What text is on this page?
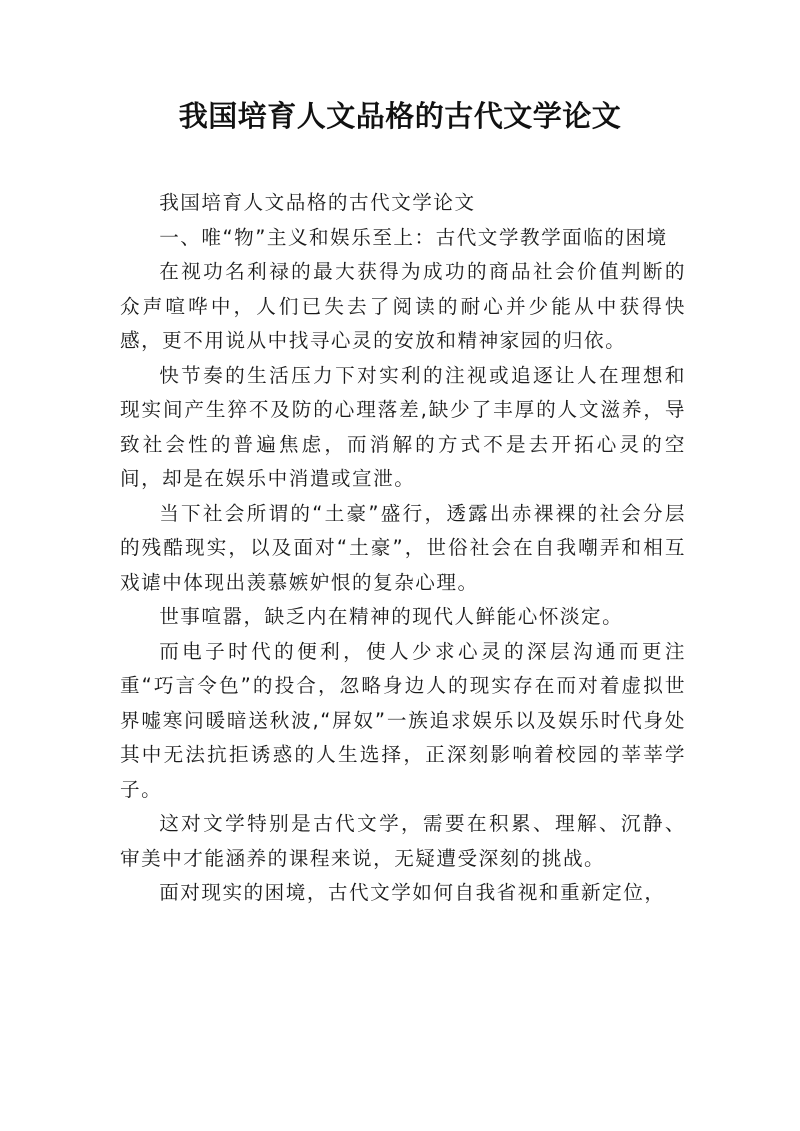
我国培育人文品格的古代文学论文

我国培育人文品格的古代文学论文

一、唯“物”主义和娱乐至上：古代文学教学面临的困境

在视功名利禄的最大获得为成功的商品社会价值判断的众声喧哗中，人们已失去了阅读的耐心并少能从中获得快感，更不用说从中找寻心灵的安放和精神家园的归依。

快节奏的生活压力下对实利的注视或追逐让人在理想和现实间产生猝不及防的心理落差,缺少了丰厚的人文滋养，导致社会性的普遍焦虑，而消解的方式不是去开拓心灵的空间，却是在娱乐中消遣或宣泄。

当下社会所谓的“土豪”盛行，透露出赤裸裸的社会分层的残酷现实，以及面对“土豪”，世俗社会在自我嘲弄和相互戏谑中体现出羡慕嫉妒恨的复杂心理。

世事喧嚣，缺乏内在精神的现代人鲜能心怀淡定。

而电子时代的便利，使人少求心灵的深层沟通而更注重“巧言令色”的投合，忽略身边人的现实存在而对着虚拟世界嘘寒问暖暗送秋波,“屏奴”一族追求娱乐以及娱乐时代身处其中无法抗拒诱惑的人生选择，正深刻影响着校园的莘莘学子。

这对文学特别是古代文学，需要在积累、理解、沉静、审美中才能涵养的课程来说，无疑遭受深刻的挑战。

面对现实的困境，古代文学如何自我省视和重新定位，
